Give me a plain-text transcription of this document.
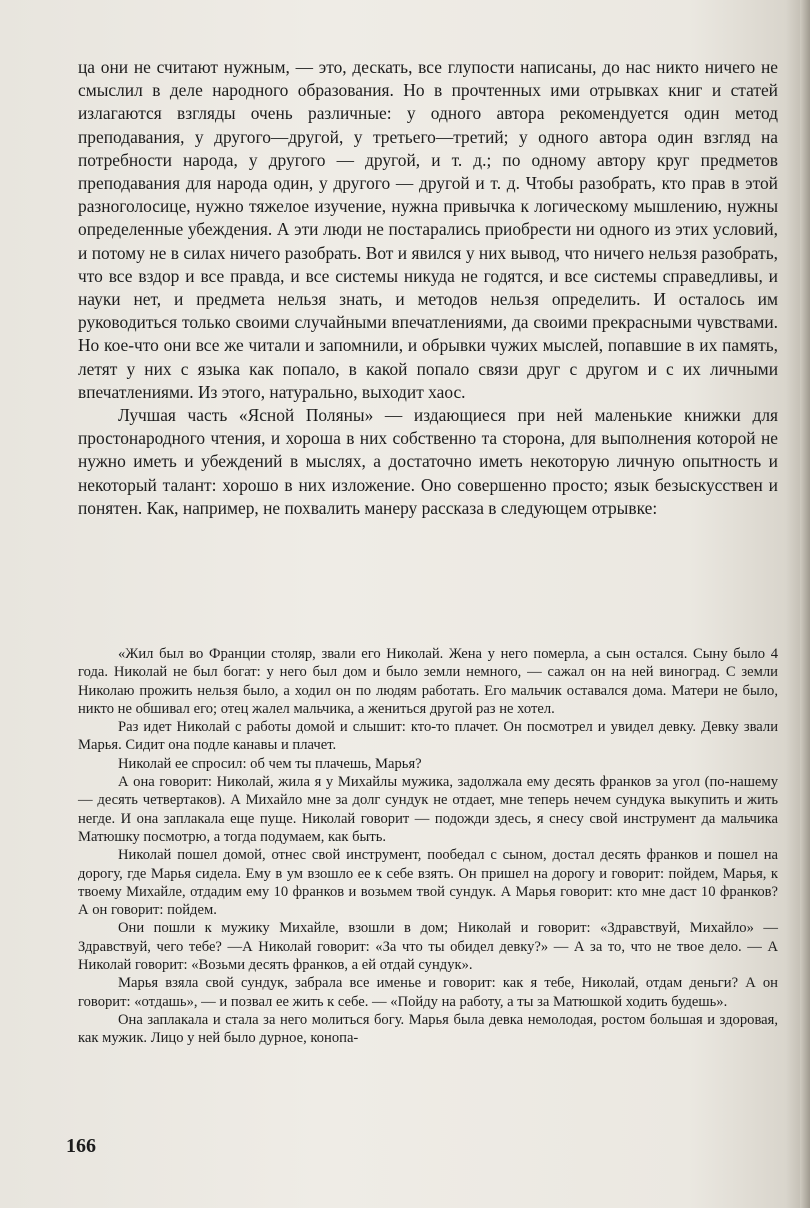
ца они не считают нужным, — это, дескать, все глупости написаны, до нас никто ничего не смыслил в деле народного образования. Но в прочтенных ими отрывках книг и статей излагаются взгляды очень различные: у одного автора рекомендуется один метод преподавания, у другого—другой, у третьего—третий; у одного автора один взгляд на потребности народа, у другого — другой, и т. д.; по одному автору круг предметов преподавания для народа один, у другого — другой и т. д. Чтобы разобрать, кто прав в этой разноголосице, нужно тяжелое изучение, нужна привычка к логическому мышлению, нужны определенные убеждения. А эти люди не постарались приобрести ни одного из этих условий, и потому не в силах ничего разобрать. Вот и явился у них вывод, что ничего нельзя разобрать, что все вздор и все правда, и все системы никуда не годятся, и все системы справедливы, и науки нет, и предмета нельзя знать, и методов нельзя определить. И осталось им руководиться только своими случайными впечатлениями, да своими прекрасными чувствами. Но кое-что они все же читали и запомнили, и обрывки чужих мыслей, попавшие в их память, летят у них с языка как попало, в какой попало связи друг с другом и с их личными впечатлениями. Из этого, натурально, выходит хаос.

Лучшая часть «Ясной Поляны» — издающиеся при ней маленькие книжки для простонародного чтения, и хороша в них собственно та сторона, для выполнения которой не нужно иметь и убеждений в мыслях, а достаточно иметь некоторую личную опытность и некоторый талант: хорошо в них изложение. Оно совершенно просто; язык безыскусствен и понятен. Как, например, не похвалить манеру рассказа в следующем отрывке:

«Жил был во Франции столяр, звали его Николай. Жена у него померла, а сын остался. Сыну было 4 года. Николай не был богат: у него был дом и было земли немного, — сажал он на ней виноград. С земли Николаю прожить нельзя было, а ходил он по людям работать. Его мальчик оставался дома. Матери не было, никто не обшивал его; отец жалел мальчика, а жениться другой раз не хотел.

Раз идет Николай с работы домой и слышит: кто-то плачет. Он посмотрел и увидел девку. Девку звали Марья. Сидит она подле канавы и плачет.

Николай ее спросил: об чем ты плачешь, Марья?

А она говорит: Николай, жила я у Михайлы мужика, задолжала ему десять франков за угол (по-нашему — десять четвертаков). А Михайло мне за долг сундук не отдает, мне теперь нечем сундука выкупить и жить негде. И она заплакала еще пуще. Николай говорит — подожди здесь, я снесу свой инструмент да мальчика Матюшку посмотрю, а тогда подумаем, как быть.

Николай пошел домой, отнес свой инструмент, пообедал с сыном, достал десять франков и пошел на дорогу, где Марья сидела. Ему в ум взошло ее к себе взять. Он пришел на дорогу и говорит: пойдем, Марья, к твоему Михайле, отдадим ему 10 франков и возьмем твой сундук. А Марья говорит: кто мне даст 10 франков? А он говорит: пойдем.

Они пошли к мужику Михайле, взошли в дом; Николай и говорит: «Здравствуй, Михайло» — Здравствуй, чего тебе? —А Николай говорит: «За что ты обидел девку?» — А за то, что не твое дело. — А Николай говорит: «Возьми десять франков, а ей отдай сундук».

Марья взяла свой сундук, забрала все именье и говорит: как я тебе, Николай, отдам деньги? А он говорит: «отдашь», — и позвал ее жить к себе. — «Пойду на работу, а ты за Матюшкой ходить будешь».

Она заплакала и стала за него молиться богу. Марья была девка немолодая, ростом большая и здоровая, как мужик. Лицо у ней было дурное, конопа-

166
